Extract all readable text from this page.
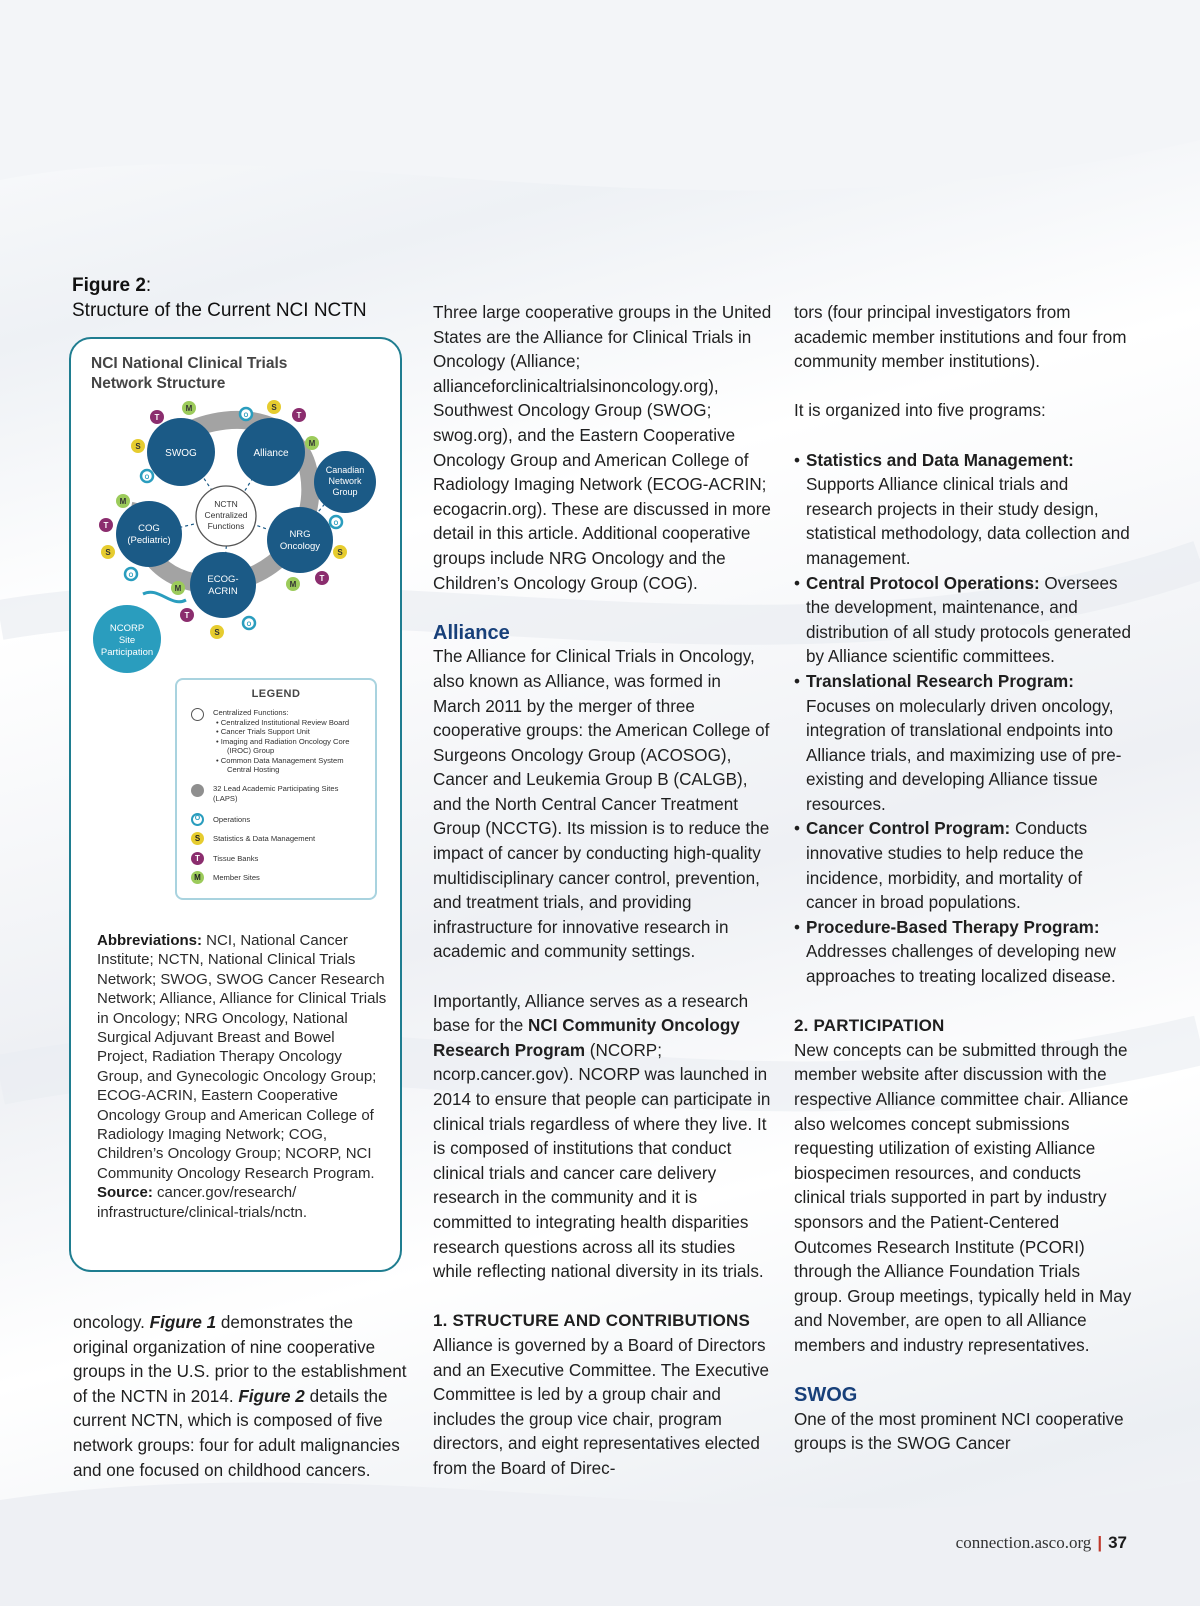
Figure 2:
Structure of the Current NCI NCTN
NCI National Clinical Trials Network Structure
SWOG	Alliance
Canadian
Network
Group
NCTN
Centralized
Functions
COG
(Pediatric)
NRG
Oncology
ECOG-
ACRIN
NCORP
Site
Participation
T
M
S
O
O
S
T
M
M
T
S
O
O
S
T
M
M
T
S
O
LEGEND
Centralized Functions:
• Centralized Institutional Review Board
• Cancer Trials Support Unit
• Imaging and Radiation Oncology Core
(IROC) Group
• Common Data Management System
Central Hosting
32 Lead Academic Participating Sites
(LAPS)
O	Operations
S	Statistics & Data Management
T	Tissue Banks
M	Member Sites
Abbreviations: NCI, National Cancer Institute; NCTN, National Clinical Trials Network; SWOG, SWOG Cancer Research Network; Alliance, Alliance for Clinical Trials in Oncology; NRG Oncology, National Surgical Adjuvant Breast and Bowel Project, Radiation Therapy Oncology Group, and Gynecologic Oncology Group; ECOG-ACRIN, Eastern Cooperative Oncology Group and American College of Radiology Imaging Network; COG, Children’s Oncology Group; NCORP, NCI Community Oncology Research Program. Source: cancer.gov/research/ infrastructure/clinical-trials/nctn.

oncology. Figure 1 demonstrates the original organization of nine cooperative groups in the U.S. prior to the establishment of the NCTN in 2014. Figure 2 details the current NCTN, which is composed of five network groups: four for adult malignancies and one focused on childhood cancers.

Three large cooperative groups in the United States are the Alliance for Clinical Trials in Oncology (Alliance; allianceforclinicaltrialsinoncology.org), Southwest Oncology Group (SWOG; swog.org), and the Eastern Cooperative Oncology Group and American College of Radiology Imaging Network (ECOG-ACRIN; ecogacrin.org). These are discussed in more detail in this article. Additional cooperative groups include NRG Oncology and the Children’s Oncology Group (COG).

Alliance

The Alliance for Clinical Trials in Oncology, also known as Alliance, was formed in March 2011 by the merger of three cooperative groups: the American College of Surgeons Oncology Group (ACOSOG), Cancer and Leukemia Group B (CALGB), and the North Central Cancer Treatment Group (NCCTG). Its mission is to reduce the impact of cancer by conducting high-quality multidisciplinary cancer control, prevention, and treatment trials, and providing infrastructure for innovative research in academic and community settings.

Importantly, Alliance serves as a research base for the NCI Community Oncology Research Program (NCORP; ncorp.cancer.gov). NCORP was launched in 2014 to ensure that people can participate in clinical trials regardless of where they live. It is composed of institutions that conduct clinical trials and cancer care delivery research in the community and it is committed to integrating health disparities research questions across all its studies while reflecting national diversity in its trials.

1. STRUCTURE AND CONTRIBUTIONS

Alliance is governed by a Board of Directors and an Executive Committee. The Executive Committee is led by a group chair and includes the group vice chair, program directors, and eight representatives elected from the Board of Direc-

tors (four principal investigators from academic member institutions and four from community member institutions).

It is organized into five programs:

• Statistics and Data Management: Supports Alliance clinical trials and research projects in their study design, statistical methodology, data collection and management.
• Central Protocol Operations: Oversees the development, maintenance, and distribution of all study protocols generated by Alliance scientific committees.
• Translational Research Program: Focuses on molecularly driven oncology, integration of translational endpoints into Alliance trials, and maximizing use of pre-existing and developing Alliance tissue resources.
• Cancer Control Program: Conducts innovative studies to help reduce the incidence, morbidity, and mortality of cancer in broad populations.
• Procedure-Based Therapy Program: Addresses challenges of developing new approaches to treating localized disease.
2. PARTICIPATION

New concepts can be submitted through the member website after discussion with the respective Alliance committee chair. Alliance also welcomes concept submissions requesting utilization of existing Alliance biospecimen resources, and conducts clinical trials supported in part by industry sponsors and the Patient-Centered Outcomes Research Institute (PCORI) through the Alliance Foundation Trials group. Group meetings, typically held in May and November, are open to all Alliance members and industry representatives.

SWOG

One of the most prominent NCI cooperative groups is the SWOG Cancer

connection.asco.org | 37
